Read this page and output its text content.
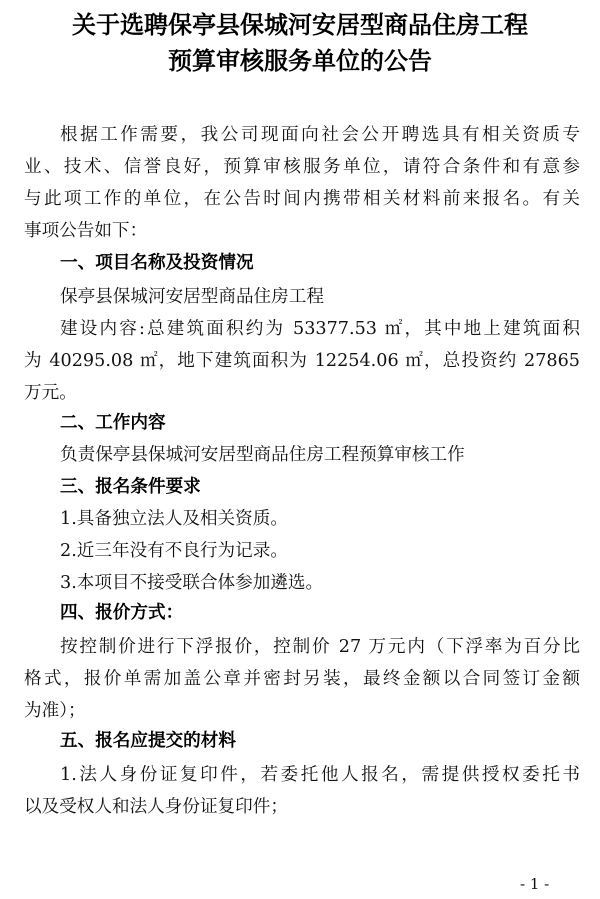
关于选聘保亭县保城河安居型商品住房工程
预算审核服务单位的公告
根据工作需要，我公司现面向社会公开聘选具有相关资质专
业、技术、信誉良好，预算审核服务单位，请符合条件和有意参
与此项工作的单位，在公告时间内携带相关材料前来报名。有关
事项公告如下：
一、项目名称及投资情况
保亭县保城河安居型商品住房工程
建设内容:总建筑面积约为 53377.53 ㎡，其中地上建筑面积
为 40295.08 ㎡，地下建筑面积为 12254.06 ㎡，总投资约 27865
万元。
二、工作内容
负责保亭县保城河安居型商品住房工程预算审核工作
三、报名条件要求
1.具备独立法人及相关资质。
2.近三年没有不良行为记录。
3.本项目不接受联合体参加遴选。
四、报价方式：
按控制价进行下浮报价，控制价 27 万元内（下浮率为百分比
格式，报价单需加盖公章并密封另装，最终金额以合同签订金额
为准）；
五、报名应提交的材料
1.法人身份证复印件，若委托他人报名，需提供授权委托书
以及受权人和法人身份证复印件；
- 1 -
